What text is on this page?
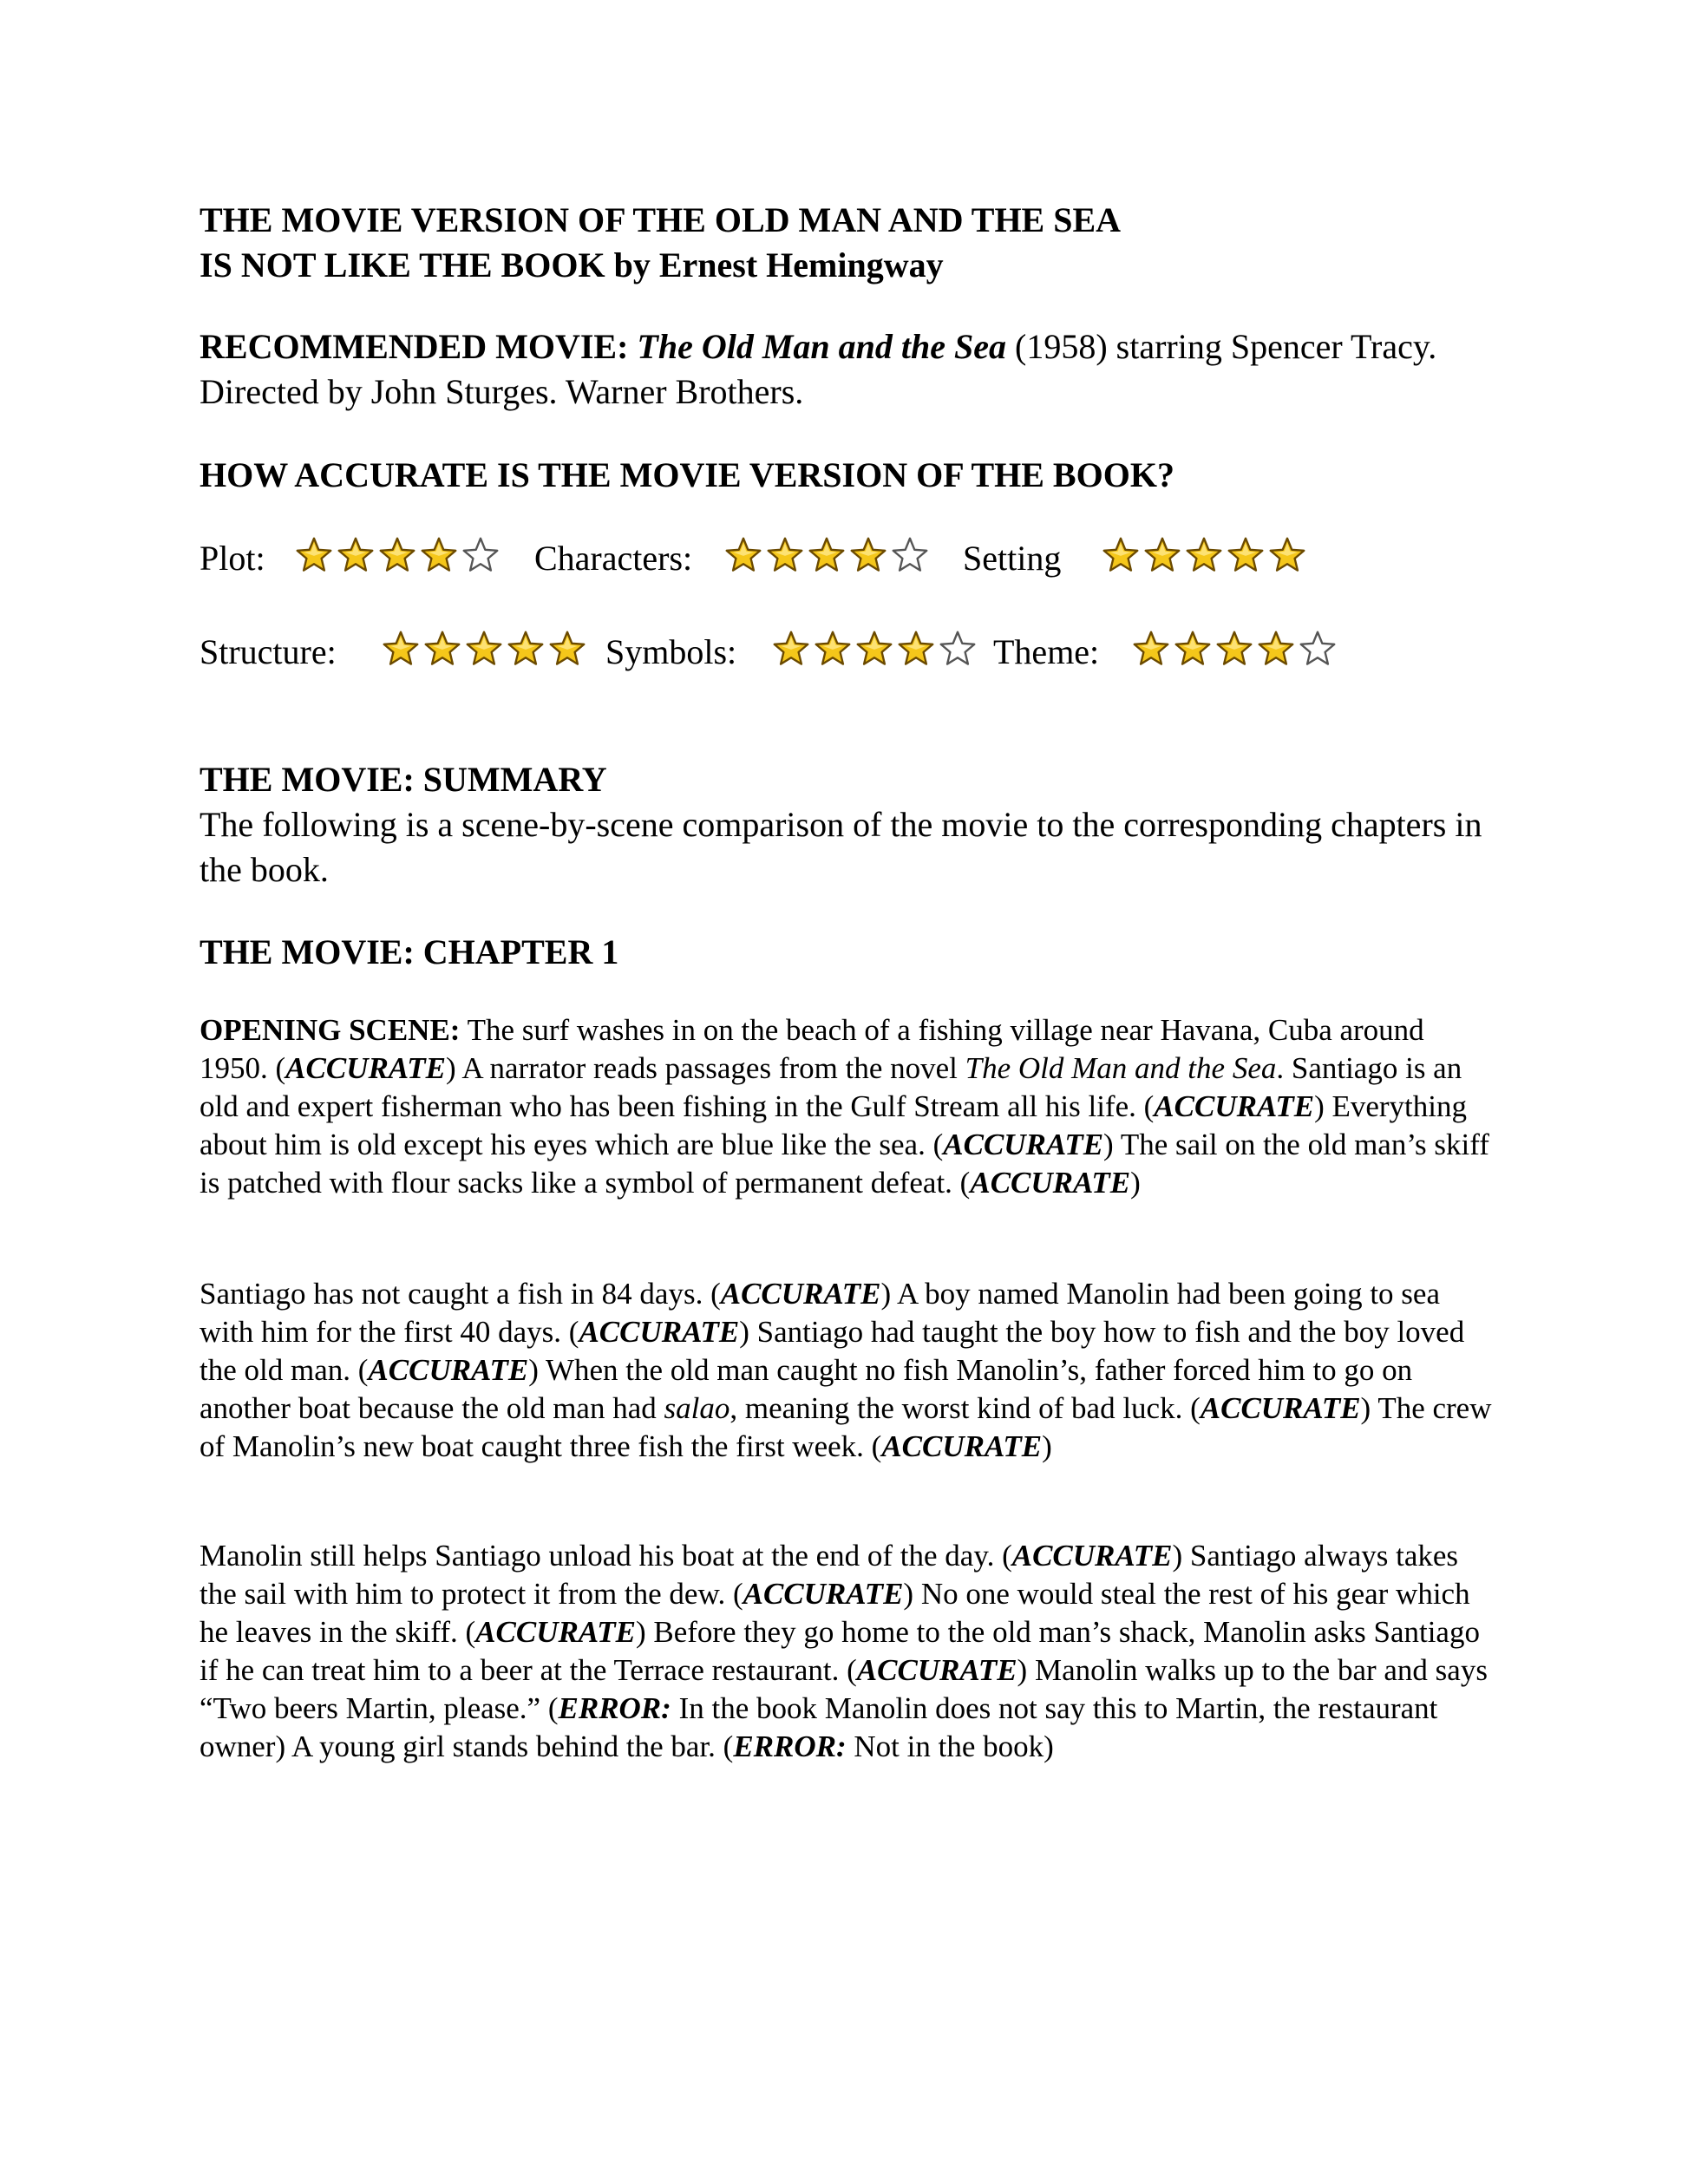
THE MOVIE VERSION OF THE OLD MAN AND THE SEA
IS NOT LIKE THE BOOK by Ernest Hemingway
RECOMMENDED MOVIE: The Old Man and the Sea (1958) starring Spencer Tracy. Directed by John Sturges. Warner Brothers.
HOW ACCURATE IS THE MOVIE VERSION OF THE BOOK?
Plot:	Characters:	Setting
Structure:	Symbols:	Theme:
THE MOVIE: SUMMARY
The following is a scene-by-scene comparison of the movie to the corresponding chapters in the book.
THE MOVIE: CHAPTER 1

OPENING SCENE: The surf washes in on the beach of a fishing village near Havana, Cuba around 1950. (ACCURATE) A narrator reads passages from the novel The Old Man and the Sea. Santiago is an old and expert fisherman who has been fishing in the Gulf Stream all his life. (ACCURATE) Everything about him is old except his eyes which are blue like the sea. (ACCURATE) The sail on the old man’s skiff is patched with flour sacks like a symbol of permanent defeat. (ACCURATE)

Santiago has not caught a fish in 84 days. (ACCURATE) A boy named Manolin had been going to sea with him for the first 40 days. (ACCURATE) Santiago had taught the boy how to fish and the boy loved the old man. (ACCURATE) When the old man caught no fish Manolin’s, father forced him to go on another boat because the old man had salao, meaning the worst kind of bad luck. (ACCURATE) The crew of Manolin’s new boat caught three fish the first week. (ACCURATE)

Manolin still helps Santiago unload his boat at the end of the day. (ACCURATE) Santiago always takes the sail with him to protect it from the dew. (ACCURATE) No one would steal the rest of his gear which he leaves in the skiff. (ACCURATE) Before they go home to the old man’s shack, Manolin asks Santiago if he can treat him to a beer at the Terrace restaurant. (ACCURATE) Manolin walks up to the bar and says “Two beers Martin, please.” (ERROR: In the book Manolin does not say this to Martin, the restaurant owner) A young girl stands behind the bar. (ERROR: Not in the book)
